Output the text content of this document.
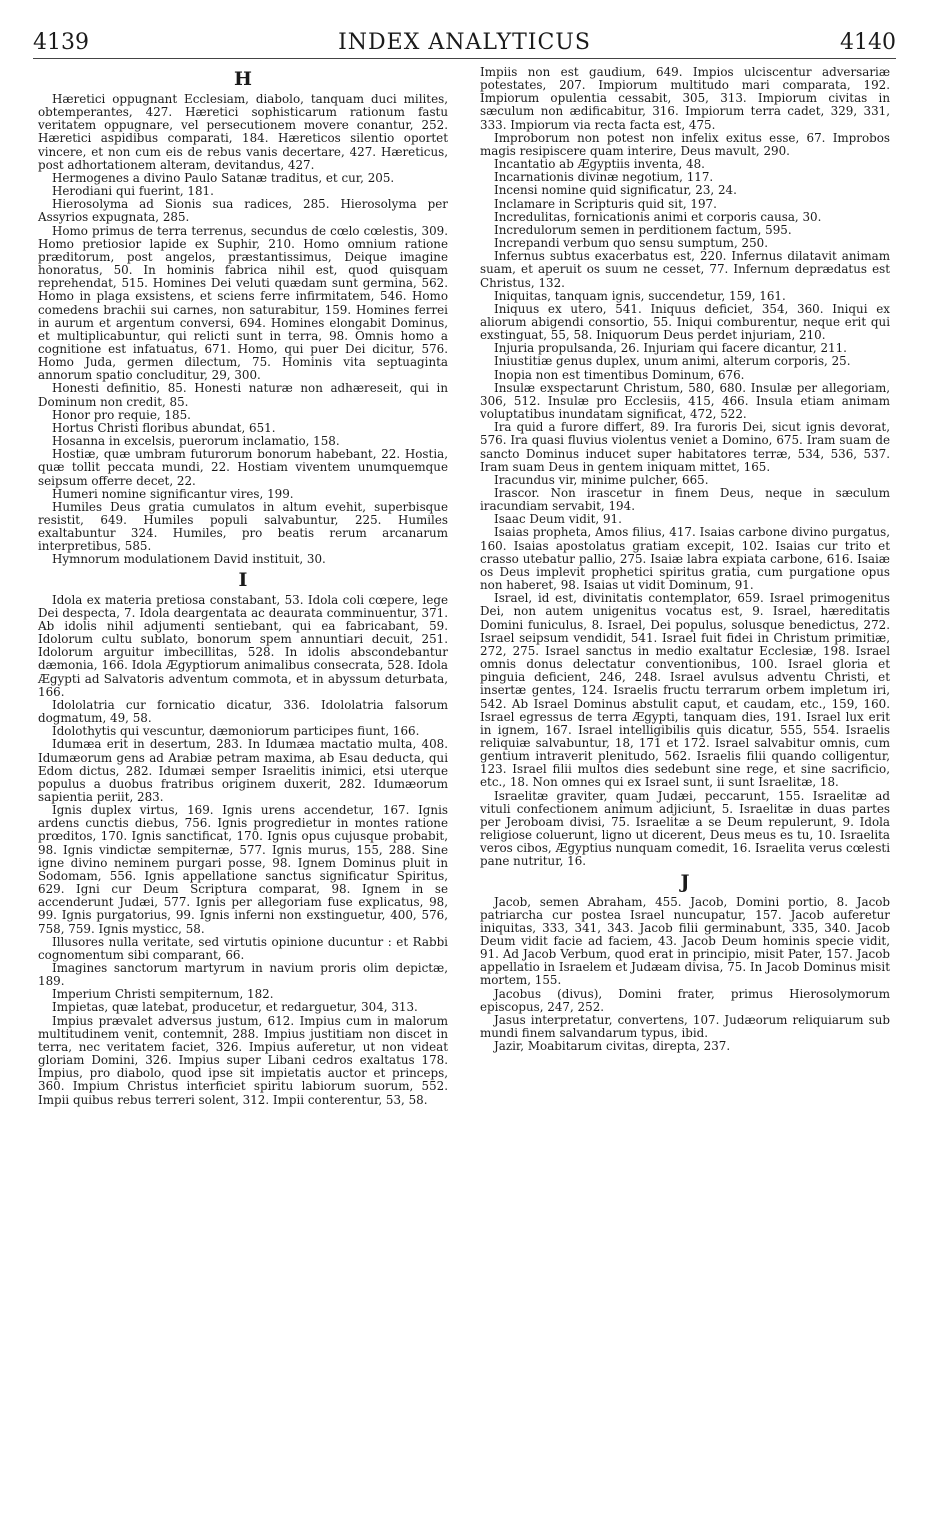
4139	INDEX ANALYTICUS	4140
H

Hæretici oppugnant Ecclesiam, diabolo, tanquam duci milites, obtemperantes, 427. Hæretici sophisticarum rationum fastu veritatem oppugnare, vel persecutionem movere conantur, 252. Hæretici aspidibus comparati, 184. Hæreticos silentio oportet vincere, et non cum eis de rebus vanis decertare, 427. Hæreticus, post adhortationem alteram, devitandus, 427.

Hermogenes a divino Paulo Satanæ traditus, et cur, 205.

Herodiani qui fuerint, 181.

Hierosolyma ad Sionis sua radices, 285. Hierosolyma per Assyrios expugnata, 285.

Homo primus de terra terrenus, secundus de cœlo cœlestis, 309. Homo pretiosior lapide ex Suphir, 210. Homo omnium ratione præditorum, post angelos, præstantissimus, Deique imagine honoratus, 50. In hominis fabrica nihil est, quod quisquam reprehendat, 515. Homines Dei veluti quædam sunt germina, 562. Homo in plaga exsistens, et sciens ferre infirmitatem, 546. Homo comedens brachii sui carnes, non saturabitur, 159. Homines ferrei in aurum et argentum conversi, 694. Homines elongabit Dominus, et multiplicabuntur, qui relicti sunt in terra, 98. Omnis homo a cognitione est infatuatus, 671. Homo, qui puer Dei dicitur, 576. Homo Juda, germen dilectum, 75. Hominis vita septuaginta annorum spatio concluditur, 29, 300.

Honesti definitio, 85. Honesti naturæ non adhæreseit, qui in Dominum non credit, 85.

Honor pro requie, 185.

Hortus Christi floribus abundat, 651.

Hosanna in excelsis, puerorum inclamatio, 158.

Hostiæ, quæ umbram futurorum bonorum habebant, 22. Hostia, quæ tollit peccata mundi, 22. Hostiam viventem unumquemque seipsum offerre decet, 22.

Humeri nomine significantur vires, 199.

Humiles Deus gratia cumulatos in altum evehit, superbisque resistit, 649. Humiles populi salvabuntur, 225. Humiles exaltabuntur 324. Humiles, pro beatis rerum arcanarum interpretibus, 585.

Hymnorum modulationem David instituit, 30.

I

Idola ex materia pretiosa constabant, 53. Idola coli cœpere, lege Dei despecta, 7. Idola deargentata ac deaurata comminuentur, 371. Ab idolis nihil adjumenti sentiebant, qui ea fabricabant, 59. Idolorum cultu sublato, bonorum spem annuntiari decuit, 251. Idolorum arguitur imbecillitas, 528. In idolis abscondebantur dæmonia, 166. Idola Ægyptiorum animalibus consecrata, 528. Idola Ægypti ad Salvatoris adventum commota, et in abyssum deturbata, 166.

Idololatria cur fornicatio dicatur, 336. Idololatria falsorum dogmatum, 49, 58.

Idolothytis qui vescuntur, dæmoniorum participes fiunt, 166.

Idumæa erit in desertum, 283. In Idumæa mactatio multa, 408. Idumæorum gens ad Arabiæ petram maxima, ab Esau deducta, qui Edom dictus, 282. Idumæi semper Israelitis inimici, etsi uterque populus a duobus fratribus originem duxerit, 282. Idumæorum sapientia periit, 283.

Ignis duplex virtus, 169. Ignis urens accendetur, 167. Ignis ardens cunctis diebus, 756. Ignis progredietur in montes ratione prœditos, 170. Ignis sanctificat, 170. Ignis opus cujusque probabit, 98. Ignis vindictæ sempiternæ, 577. Ignis murus, 155, 288. Sine igne divino neminem purgari posse, 98. Ignem Dominus pluit in Sodomam, 556. Ignis appellatione sanctus significatur Spiritus, 629. Igni cur Deum Scriptura comparat, 98. Ignem in se accenderunt Judæi, 577. Ignis per allegoriam fuse explicatus, 98, 99. Ignis purgatorius, 99. Ignis inferni non exstinguetur, 400, 576, 758, 759. Ignis mysticc, 58.

Illusores nulla veritate, sed virtutis opinione ducuntur : et Rabbi cognomentum sibi comparant, 66.

Imagines sanctorum martyrum in navium proris olim depictæ, 189.

Imperium Christi sempiternum, 182.

Impietas, quæ latebat, producetur, et redarguetur, 304, 313.

Impius prævalet adversus justum, 612. Impius cum in malorum multitudinem venit, contemnit, 288. Impius justitiam non discet in terra, nec veritatem faciet, 326. Impius auferetur, ut non videat gloriam Domini, 326. Impius super Libani cedros exaltatus 178. Impius, pro diabolo, quod ipse sit impietatis auctor et princeps, 360. Impium Christus interficiet spiritu labiorum suorum, 552. Impii quibus rebus terreri solent, 312. Impii conterentur, 53, 58.

Impiis non est gaudium, 649. Impios ulciscentur adversariæ potestates, 207. Impiorum multitudo mari comparata, 192. Impiorum opulentia cessabit, 305, 313. Impiorum civitas in sæculum non ædificabitur, 316. Impiorum terra cadet, 329, 331, 333. Impiorum via recta facta est, 475.

Improborum non potest non infelix exitus esse, 67. Improbos magis resipiscere quam interire, Deus mavult, 290.

Incantatio ab Ægyptiis inventa, 48.

Incarnationis divinæ negotium, 117.

Incensi nomine quid significatur, 23, 24.

Inclamare in Scripturis quid sit, 197.

Incredulitas, fornicationis animi et corporis causa, 30.

Incredulorum semen in perditionem factum, 595.

Increpandi verbum quo sensu sumptum, 250.

Infernus subtus exacerbatus est, 220. Infernus dilatavit animam suam, et aperuit os suum ne cesset, 77. Infernum deprædatus est Christus, 132.

Iniquitas, tanquam ignis, succendetur, 159, 161.

Iniquus ex utero, 541. Iniquus deficiet, 354, 360. Iniqui ex aliorum abigendi consortio, 55. Iniqui comburentur, neque erit qui exstinguat, 55, 58. Iniquorum Deus perdet injuriam, 210.

Injuria propulsanda, 26. Injuriam qui facere dicantur, 211.

Iniustitiæ genus duplex, unum animi, alterum corporis, 25.

Inopia non est timentibus Dominum, 676.

Insulæ exspectarunt Christum, 580, 680. Insulæ per allegoriam, 306, 512. Insulæ pro Ecclesiis, 415, 466. Insula etiam animam voluptatibus inundatam significat, 472, 522.

Ira quid a furore differt, 89. Ira furoris Dei, sicut ignis devorat, 576. Ira quasi fluvius violentus veniet a Domino, 675. Iram suam de sancto Dominus inducet super habitatores terræ, 534, 536, 537. Iram suam Deus in gentem iniquam mittet, 165.

Iracundus vir, minime pulcher, 665.

Irascor. Non irascetur in finem Deus, neque in sæculum iracundiam servabit, 194.

Isaac Deum vidit, 91.

Isaias propheta, Amos filius, 417. Isaias carbone divino purgatus, 160. Isaias apostolatus gratiam excepit, 102. Isaias cur trito et crasso utebatur pallio, 275. Isaiæ labra expiata carbone, 616. Isaiæ os Deus implevit prophetici spiritus gratia, cum purgatione opus non haberet, 98. Isaias ut vidit Dominum, 91.

Israel, id est, divinitatis contemplator, 659. Israel primogenitus Dei, non autem unigenitus vocatus est, 9. Israel, hæreditatis Domini funiculus, 8. Israel, Dei populus, solusque benedictus, 272. Israel seipsum vendidit, 541. Israel fuit fidei in Christum primitiæ, 272, 275. Israel sanctus in medio exaltatur Ecclesiæ, 198. Israel omnis donus delectatur conventionibus, 100. Israel gloria et pinguia deficient, 246, 248. Israel avulsus adventu Christi, et insertæ gentes, 124. Israelis fructu terrarum orbem impletum iri, 542. Ab Israel Dominus abstulit caput, et caudam, etc., 159, 160. Israel egressus de terra Ægypti, tanquam dies, 191. Israel lux erit in ignem, 167. Israel intelligibilis quis dicatur, 555, 554. Israelis reliquiæ salvabuntur, 18, 171 et 172. Israel salvabitur omnis, cum gentium intraverit plenitudo, 562. Israelis filii quando colligentur, 123. Israel filii multos dies sedebunt sine rege, et sine sacrificio, etc., 18. Non omnes qui ex Israel sunt, ii sunt Israelitæ, 18.

Israelitæ graviter, quam Judæi, peccarunt, 155. Israelitæ ad vituli confectionem animum adjiciunt, 5. Israelitæ in duas partes per Jeroboam divisi, 75. Israelitæ a se Deum repulerunt, 9. Idola religiose coluerunt, ligno ut dicerent, Deus meus es tu, 10. Israelita veros cibos, Ægyptius nunquam comedit, 16. Israelita verus cœlesti pane nutritur, 16.

J

Jacob, semen Abraham, 455. Jacob, Domini portio, 8. Jacob patriarcha cur postea Israel nuncupatur, 157. Jacob auferetur iniquitas, 333, 341, 343. Jacob filii germinabunt, 335, 340. Jacob Deum vidit facie ad faciem, 43. Jacob Deum hominis specie vidit, 91. Ad Jacob Verbum, quod erat in principio, misit Pater, 157. Jacob appellatio in Israelem et Judæam divisa, 75. In Jacob Dominus misit mortem, 155.

Jacobus (divus), Domini frater, primus Hierosolymorum episcopus, 247, 252.

Jasus interpretatur, convertens, 107. Judæorum reliquiarum sub mundi finem salvandarum typus, ibid.

Jazir, Moabitarum civitas, direpta, 237.
